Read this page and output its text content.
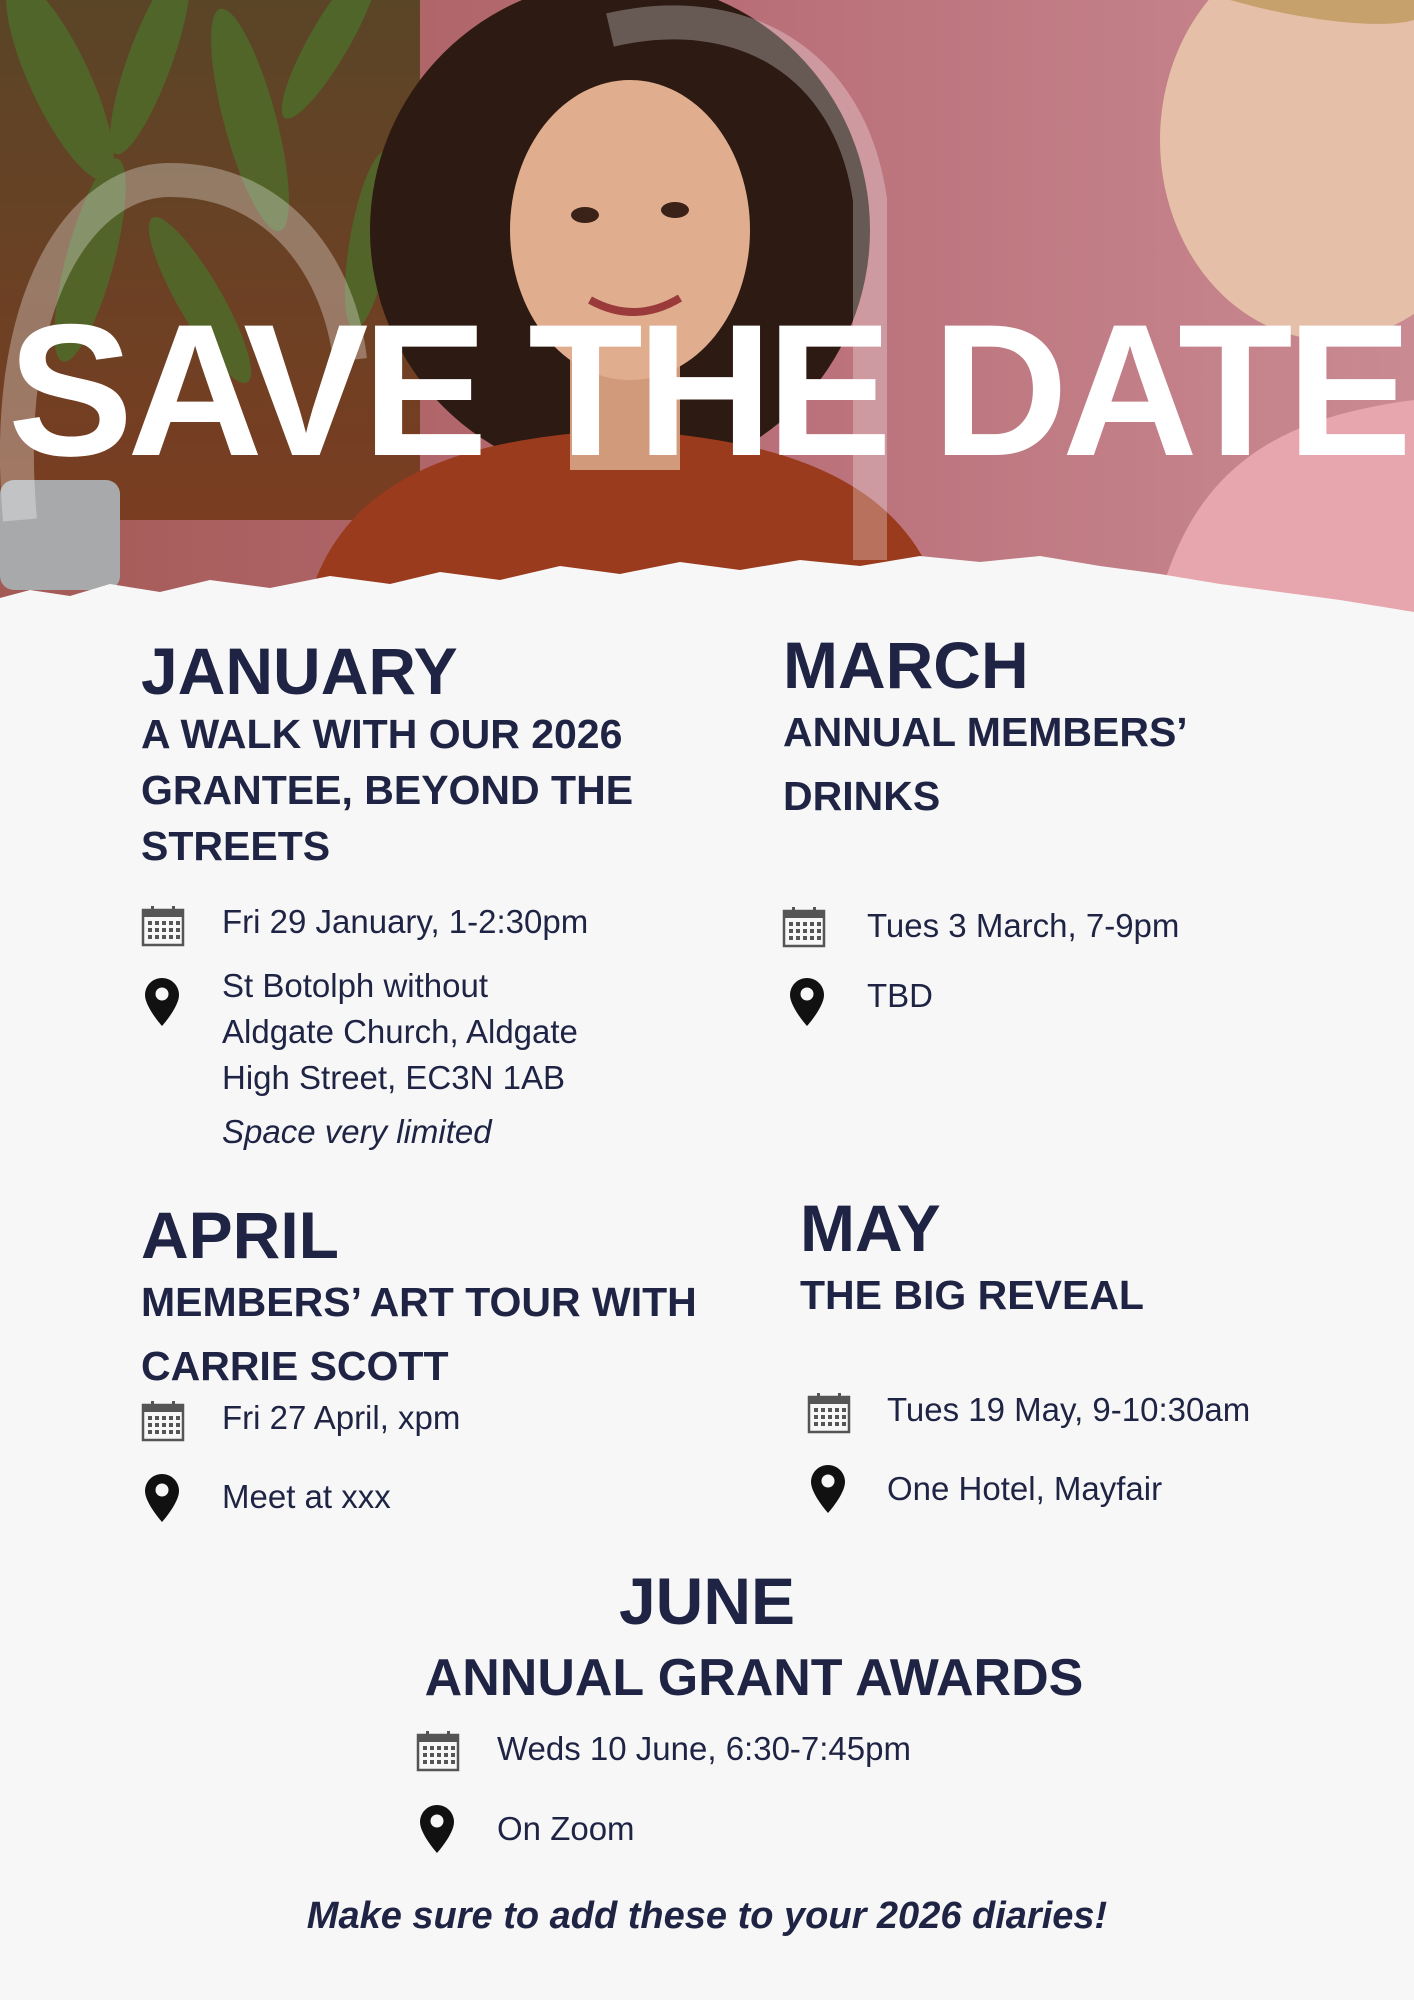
SAVE THE DATE
JANUARY
A WALK WITH OUR 2026
GRANTEE, BEYOND THE
STREETS
Fri 29 January, 1-2:30pm
St Botolph without
Aldgate Church, Aldgate
High Street, EC3N 1AB
Space very limited
MARCH
ANNUAL MEMBERS’
DRINKS
Tues 3 March, 7-9pm
TBD
APRIL
MEMBERS’ ART TOUR WITH
CARRIE SCOTT
Fri 27 April, xpm
Meet at xxx
MAY
THE BIG REVEAL
Tues 19 May, 9-10:30am
One Hotel, Mayfair
JUNE
ANNUAL GRANT AWARDS
Weds 10 June, 6:30-7:45pm
On Zoom

Make sure to add these to your 2026 diaries!
